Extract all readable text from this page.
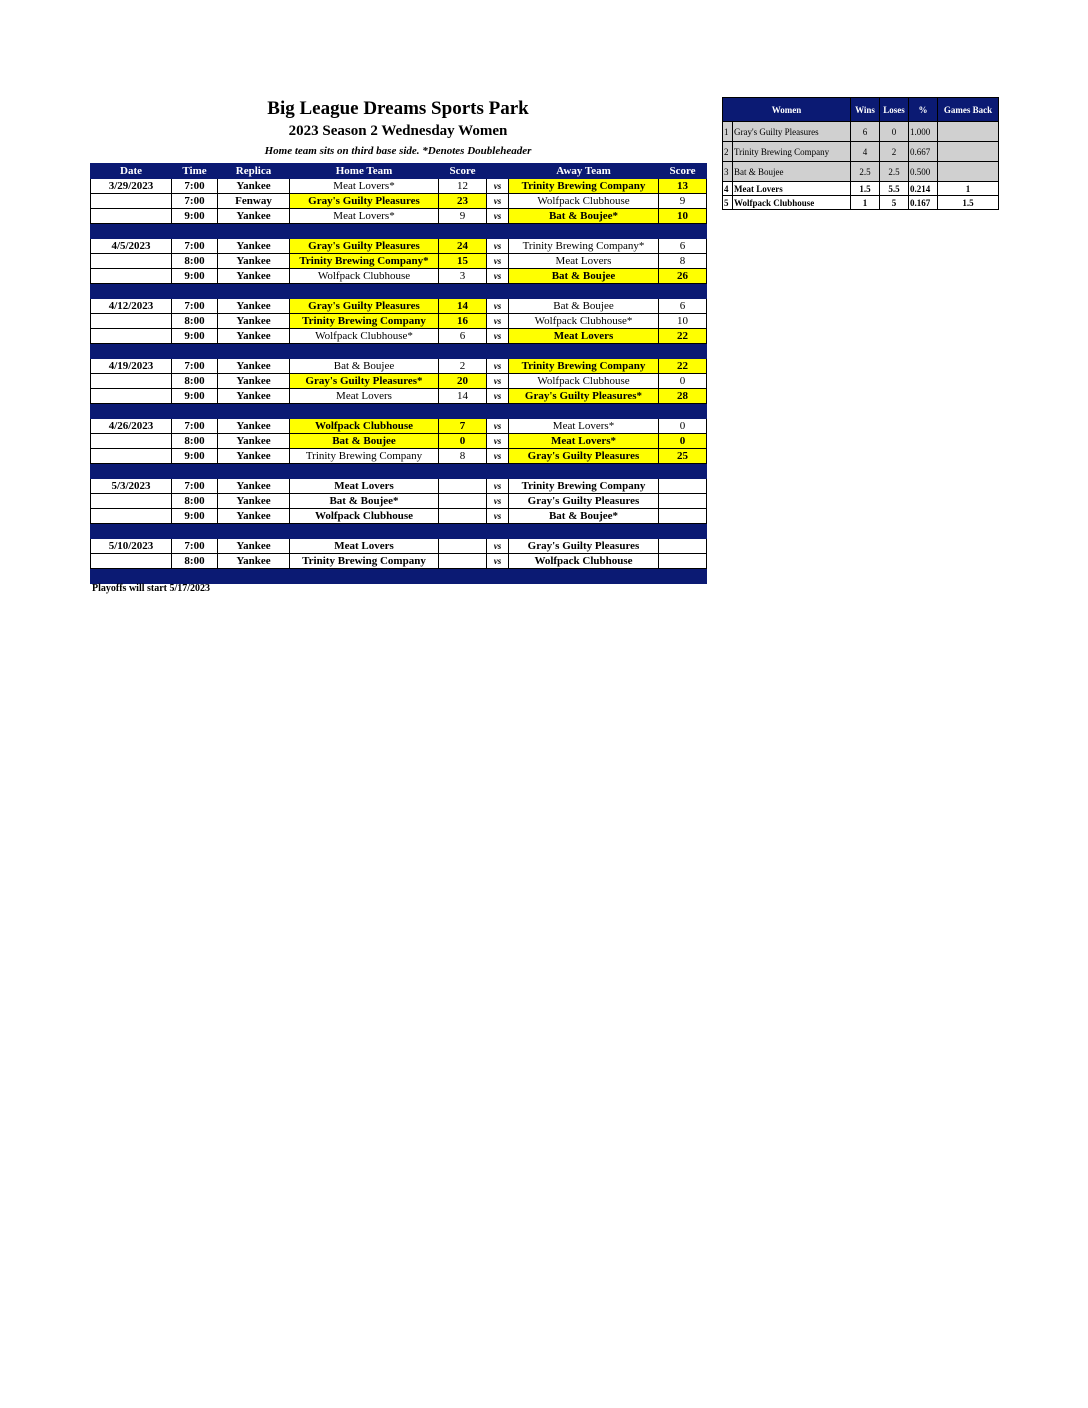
Big League Dreams Sports Park
2023 Season 2 Wednesday Women
Home team sits on third base side. *Denotes Doubleheader
Date	Time	Replica	Home Team	Score		Away Team	Score
3/29/2023	7:00	Yankee	Meat Lovers*	12	vs	Trinity Brewing Company	13
	7:00	Fenway	Gray's Guilty Pleasures	23	vs	Wolfpack Clubhouse	9
	9:00	Yankee	Meat Lovers*	9	vs	Bat & Boujee*	10

4/5/2023	7:00	Yankee	Gray's Guilty Pleasures	24	vs	Trinity Brewing Company*	6
	8:00	Yankee	Trinity Brewing Company*	15	vs	Meat Lovers	8
	9:00	Yankee	Wolfpack Clubhouse	3	vs	Bat & Boujee	26

4/12/2023	7:00	Yankee	Gray's Guilty Pleasures	14	vs	Bat & Boujee	6
	8:00	Yankee	Trinity Brewing Company	16	vs	Wolfpack Clubhouse*	10
	9:00	Yankee	Wolfpack Clubhouse*	6	vs	Meat Lovers	22

4/19/2023	7:00	Yankee	Bat & Boujee	2	vs	Trinity Brewing Company	22
	8:00	Yankee	Gray's Guilty Pleasures*	20	vs	Wolfpack Clubhouse	0
	9:00	Yankee	Meat Lovers	14	vs	Gray's Guilty Pleasures*	28

4/26/2023	7:00	Yankee	Wolfpack Clubhouse	7	vs	Meat Lovers*	0
	8:00	Yankee	Bat & Boujee	0	vs	Meat Lovers*	0
	9:00	Yankee	Trinity Brewing Company	8	vs	Gray's Guilty Pleasures	25

5/3/2023	7:00	Yankee	Meat Lovers		vs	Trinity Brewing Company	
	8:00	Yankee	Bat & Boujee*		vs	Gray's Guilty Pleasures	
	9:00	Yankee	Wolfpack Clubhouse		vs	Bat & Boujee*	

5/10/2023	7:00	Yankee	Meat Lovers		vs	Gray's Guilty Pleasures	
	8:00	Yankee	Trinity Brewing Company		vs	Wolfpack Clubhouse	

Women		Wins	Loses	%	Games Back
1	Gray's Guilty Pleasures	6	0	1.000	
2	Trinity Brewing Company	4	2	0.667	
3	Bat & Boujee	2.5	2.5	0.500	
4	Meat Lovers	1.5	5.5	0.214	1
5	Wolfpack Clubhouse	1	5	0.167	1.5
Playoffs will start 5/17/2023
